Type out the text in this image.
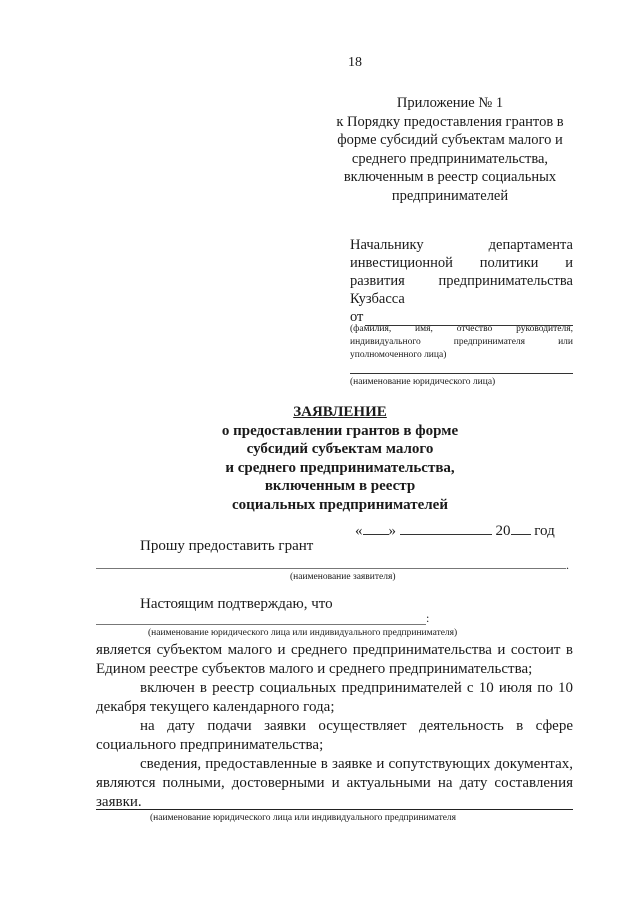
18
Приложение № 1
к Порядку предоставления грантов в
форме субсидий субъектам малого и
среднего предпринимательства,
включенным в реестр социальных
предпринимателей
Начальнику департамента
инвестиционной политики и
развития предпринимательства
Кузбасса
от
(фамилия, имя, отчество руководителя, индивидуального предпринимателя или уполномоченного лица)
(наименование юридического лица)
ЗАЯВЛЕНИЕ
о предоставлении грантов в форме
субсидий субъектам малого
и среднего предпринимательства,
включенным в реестр
социальных предпринимателей
« »	20 год
Прошу предоставить грант
.
(наименование заявителя)
Настоящим подтверждаю, что
:
(наименование юридического лица или индивидуального предпринимателя)

является субъектом малого и среднего предпринимательства и состоит в Едином реестре субъектов малого и среднего предпринимательства;

включен в реестр социальных предпринимателей с 10 июля по 10 декабря текущего календарного года;

на дату подачи заявки осуществляет деятельность в сфере социального предпринимательства;

сведения, предоставленные в заявке и сопутствующих документах, являются полными, достоверными и актуальными на дату составления заявки.

(наименование юридического лица или индивидуального предпринимателя
